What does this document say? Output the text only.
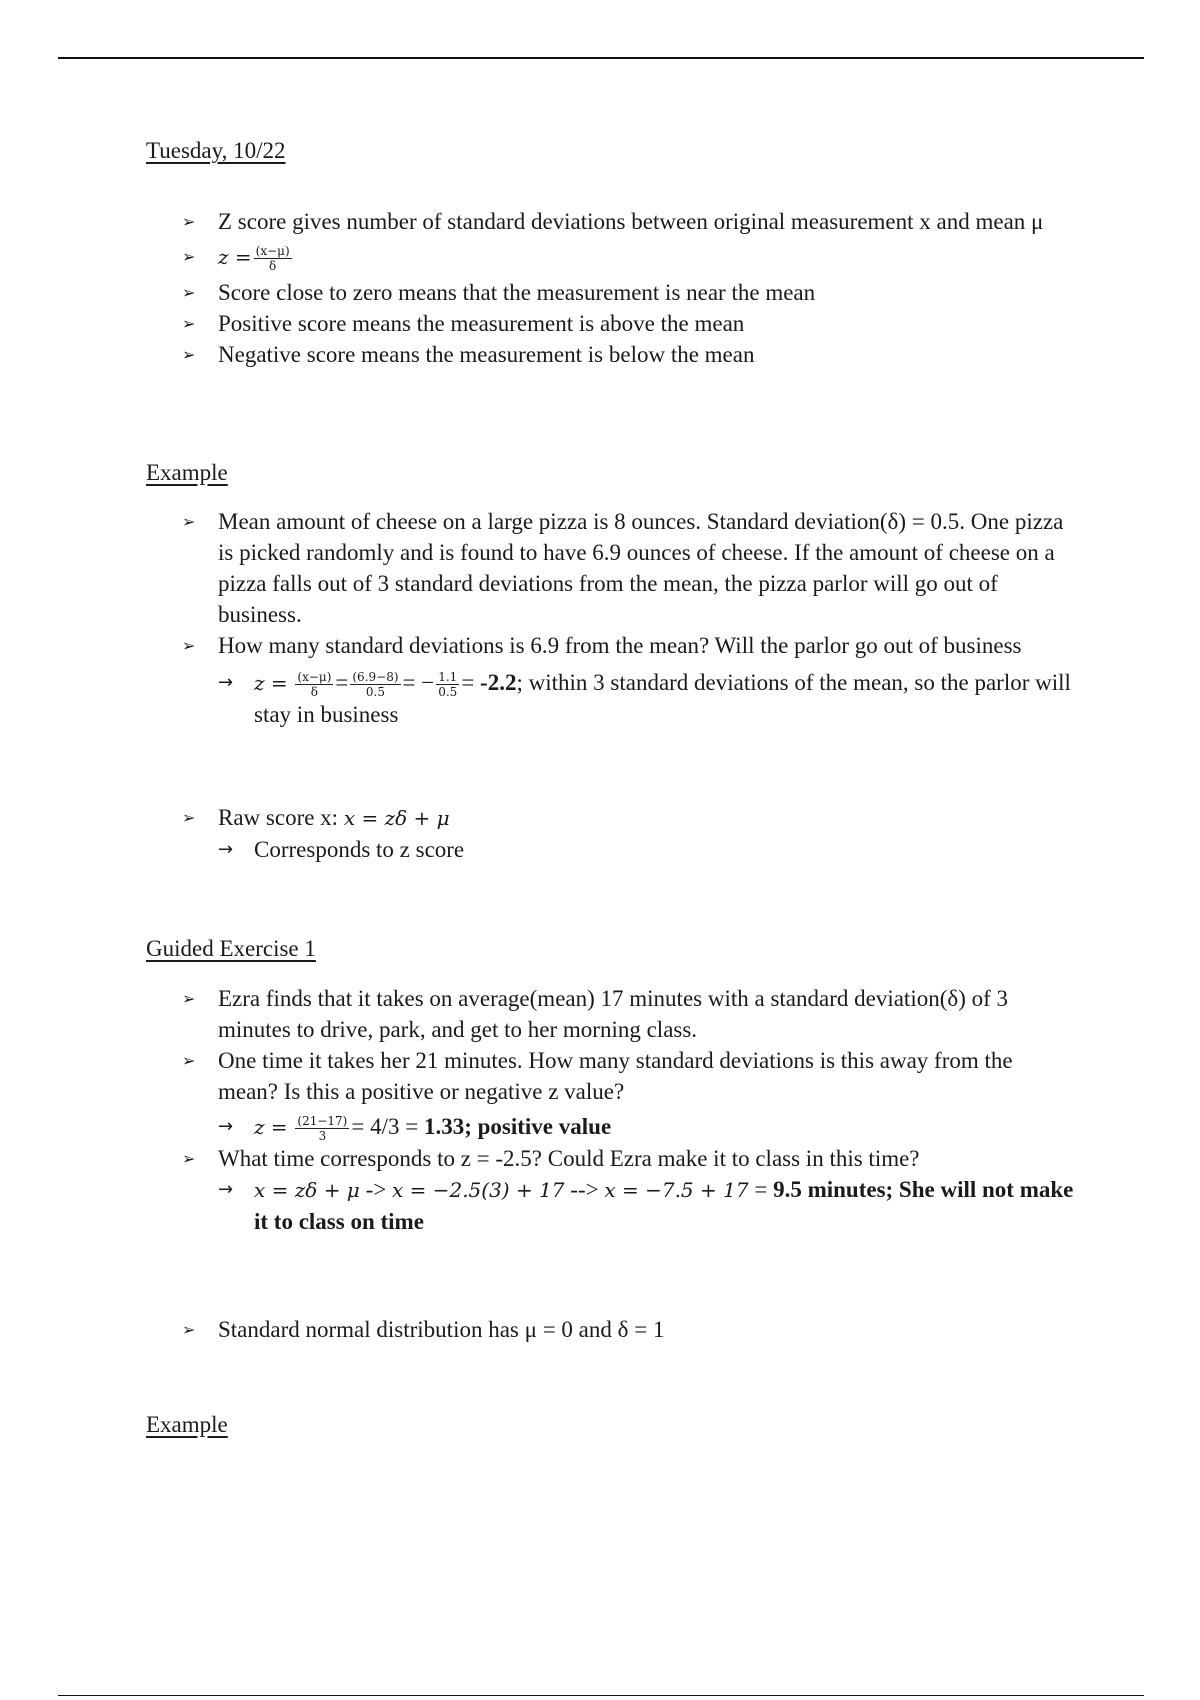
Tuesday, 10/22
➢ Z score gives number of standard deviations between original measurement x and mean μ
➢ $z = \frac{(x-\mu)}{\delta}$
➢ Score close to zero means that the measurement is near the mean
➢ Positive score means the measurement is above the mean
➢ Negative score means the measurement is below the mean
Example
➢ Mean amount of cheese on a large pizza is 8 ounces. Standard deviation(δ) = 0.5. One pizza is picked randomly and is found to have 6.9 ounces of cheese. If the amount of cheese on a pizza falls out of 3 standard deviations from the mean, the pizza parlor will go out of business.
➢ How many standard deviations is 6.9 from the mean? Will the parlor go out of business
→ $z = \frac{(x-\mu)}{\delta} = \frac{(6.9-8)}{0.5}$ = − $\frac{1.1}{0.5} = -2.2$; within 3 standard deviations of the mean, so the parlor will stay in business
➢ Raw score x: x = zδ + μ
→ Corresponds to z score
Guided Exercise 1
➢ Ezra finds that it takes on average(mean) 17 minutes with a standard deviation(δ) of 3 minutes to drive, park, and get to her morning class.
➢ One time it takes her 21 minutes. How many standard deviations is this away from the mean? Is this a positive or negative z value?
→ $z = \frac{(21-17)}{3} = 4/3 = 1.33$; positive value
➢ What time corresponds to z = -2.5? Could Ezra make it to class in this time?
→ x = zδ + μ -> x = −2.5(3) + 17 --> x = −7.5 + 17 = 9.5 minutes; She will not make it to class on time
➢ Standard normal distribution has μ = 0 and δ = 1
Example
